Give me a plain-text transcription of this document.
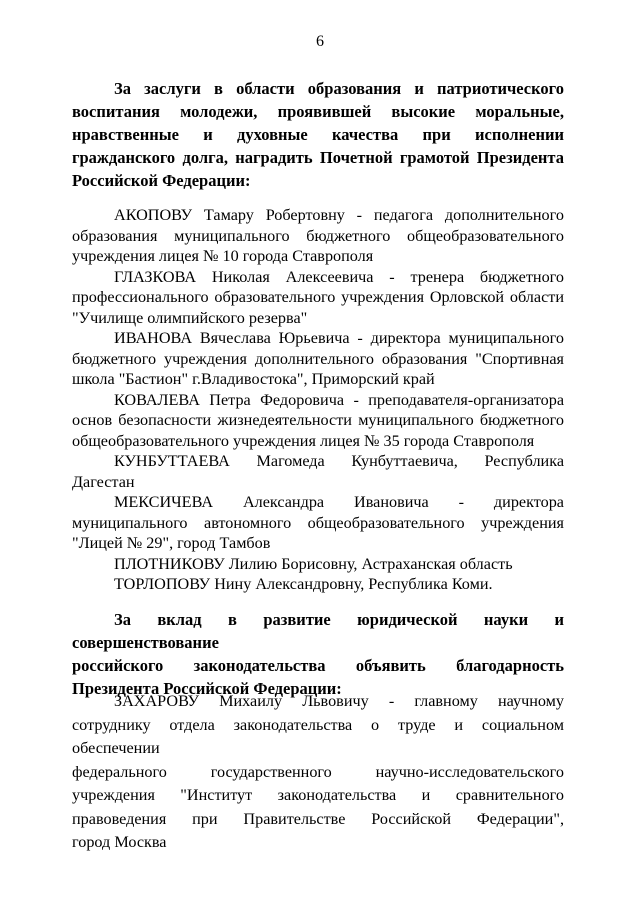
6
За заслуги в области образования и патриотического
воспитания молодежи, проявившей высокие моральные,
нравственные и духовные качества при исполнении
гражданского долга, наградить Почетной грамотой Президента
Российской Федерации:
АКОПОВУ Тамару Робертовну - педагога дополнительного
образования муниципального бюджетного общеобразовательного
учреждения лицея № 10 города Ставрополя
ГЛАЗКОВА Николая Алексеевича - тренера бюджетного
профессионального образовательного учреждения Орловской области
"Училище олимпийского резерва"
ИВАНОВА Вячеслава Юрьевича - директора муниципального
бюджетного учреждения дополнительного образования "Спортивная
школа "Бастион" г.Владивостока", Приморский край
КОВАЛЕВА Петра Федоровича - преподавателя-организатора
основ безопасности жизнедеятельности муниципального бюджетного
общеобразовательного учреждения лицея № 35 города Ставрополя
КУНБУТТАЕВА Магомеда Кунбуттаевича, Республика
Дагестан
МЕКСИЧЕВА Александра Ивановича - директора
муниципального автономного общеобразовательного учреждения
"Лицей № 29", город Тамбов
ПЛОТНИКОВУ Лилию Борисовну, Астраханская область
ТОРЛОПОВУ Нину Александровну, Республика Коми.
За вклад в развитие юридической науки и совершенствование
российского законодательства объявить благодарность
Президента Российской Федерации:
ЗАХАРОВУ Михаилу Львовичу - главному научному
сотруднику отдела законодательства о труде и социальном обеспечении
федерального государственного научно-исследовательского
учреждения "Институт законодательства и сравнительного
правоведения при Правительстве Российской Федерации",
город Москва
